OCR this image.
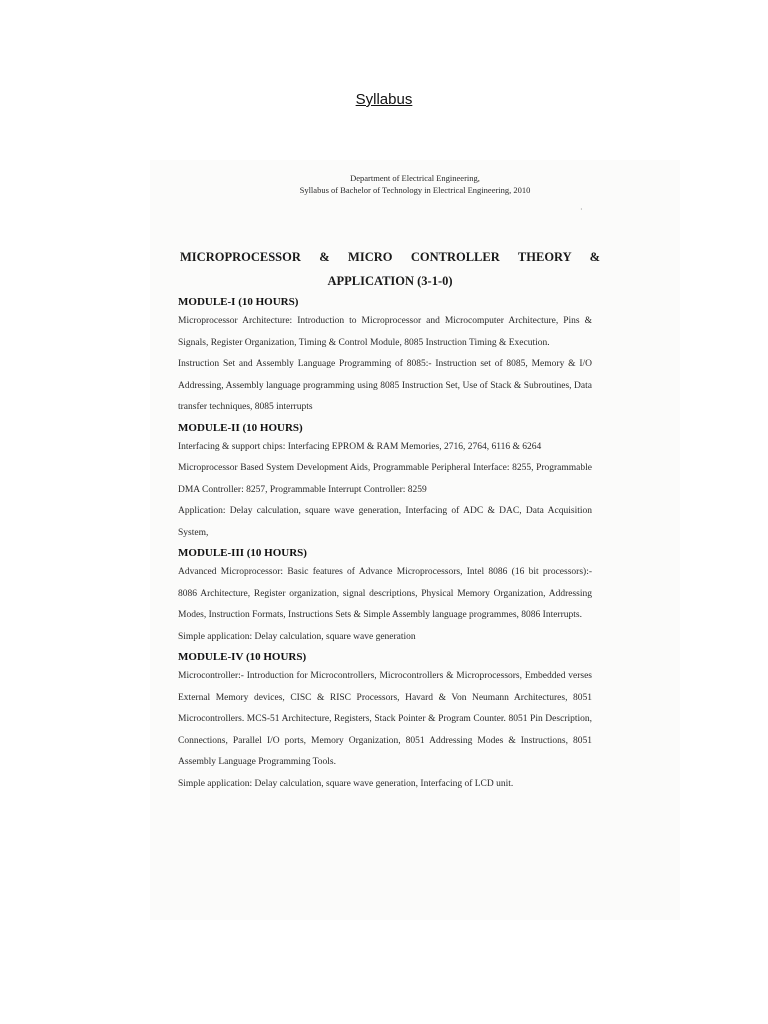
Syllabus
Department of Electrical Engineering,
Syllabus of Bachelor of Technology in Electrical Engineering, 2010
·
MICROPROCESSOR & MICRO CONTROLLER THEORY & APPLICATION (3-1-0)
MODULE-I (10 HOURS)

Microprocessor Architecture: Introduction to Microprocessor and Microcomputer Architecture, Pins & Signals, Register Organization, Timing & Control Module, 8085 Instruction Timing & Execution.

Instruction Set and Assembly Language Programming of 8085:- Instruction set of 8085, Memory & I/O Addressing, Assembly language programming using 8085 Instruction Set, Use of Stack & Subroutines, Data transfer techniques, 8085 interrupts

MODULE-II (10 HOURS)

Interfacing & support chips: Interfacing EPROM & RAM Memories, 2716, 2764, 6116 & 6264

Microprocessor Based System Development Aids, Programmable Peripheral Interface: 8255, Programmable DMA Controller: 8257, Programmable Interrupt Controller: 8259

Application: Delay calculation, square wave generation, Interfacing of ADC & DAC, Data Acquisition System,

MODULE-III (10 HOURS)

Advanced Microprocessor: Basic features of Advance Microprocessors, Intel 8086 (16 bit processors):- 8086 Architecture, Register organization, signal descriptions, Physical Memory Organization, Addressing Modes, Instruction Formats, Instructions Sets & Simple Assembly language programmes, 8086 Interrupts.

Simple application: Delay calculation, square wave generation

MODULE-IV (10 HOURS)

Microcontroller:- Introduction for Microcontrollers, Microcontrollers & Microprocessors, Embedded verses External Memory devices, CISC & RISC Processors, Havard & Von Neumann Architectures, 8051 Microcontrollers. MCS-51 Architecture, Registers, Stack Pointer & Program Counter. 8051 Pin Description, Connections, Parallel I/O ports, Memory Organization, 8051 Addressing Modes & Instructions, 8051 Assembly Language Programming Tools.

Simple application: Delay calculation, square wave generation, Interfacing of LCD unit.
